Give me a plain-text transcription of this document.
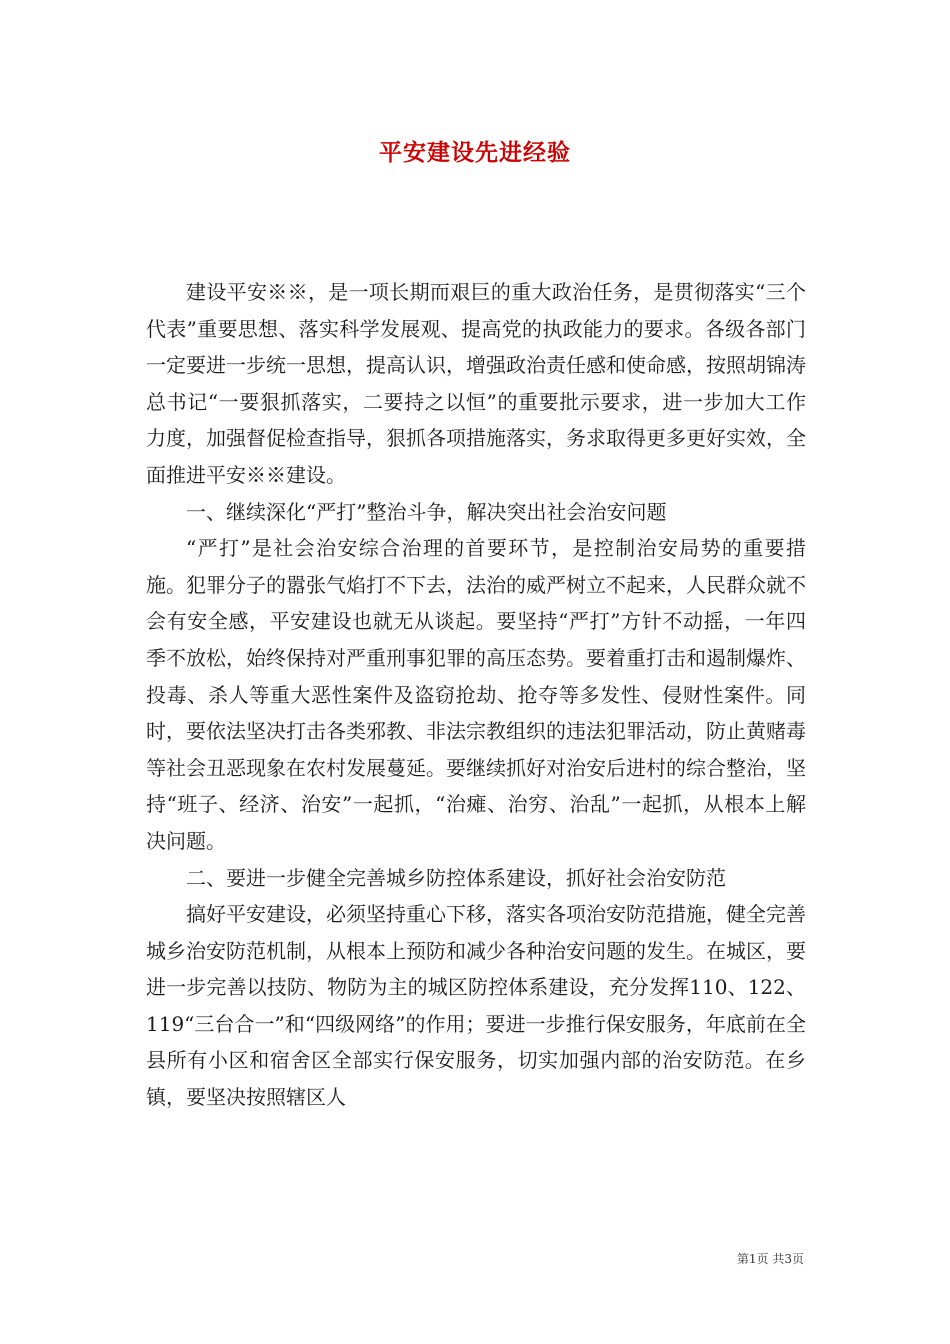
平安建设先进经验

建设平安※※，是一项长期而艰巨的重大政治任务，是贯彻落实“三个代表”重要思想、落实科学发展观、提高党的执政能力的要求。各级各部门一定要进一步统一思想，提高认识，增强政治责任感和使命感，按照胡锦涛总书记“一要狠抓落实，二要持之以恒”的重要批示要求，进一步加大工作力度，加强督促检查指导，狠抓各项措施落实，务求取得更多更好实效，全面推进平安※※建设。

一、继续深化“严打”整治斗争，解决突出社会治安问题

“严打”是社会治安综合治理的首要环节，是控制治安局势的重要措施。犯罪分子的嚣张气焰打不下去，法治的威严树立不起来，人民群众就不会有安全感，平安建设也就无从谈起。要坚持“严打”方针不动摇，一年四季不放松，始终保持对严重刑事犯罪的高压态势。要着重打击和遏制爆炸、投毒、杀人等重大恶性案件及盗窃抢劫、抢夺等多发性、侵财性案件。同时，要依法坚决打击各类邪教、非法宗教组织的违法犯罪活动，防止黄赌毒等社会丑恶现象在农村发展蔓延。要继续抓好对治安后进村的综合整治，坚持“班子、经济、治安”一起抓，“治瘫、治穷、治乱”一起抓，从根本上解决问题。

二、要进一步健全完善城乡防控体系建设，抓好社会治安防范

搞好平安建设，必须坚持重心下移，落实各项治安防范措施，健全完善城乡治安防范机制，从根本上预防和减少各种治安问题的发生。在城区，要进一步完善以技防、物防为主的城区防控体系建设，充分发挥110、122、119“三台合一”和“四级网络”的作用；要进一步推行保安服务，年底前在全县所有小区和宿舍区全部实行保安服务，切实加强内部的治安防范。在乡镇，要坚决按照辖区人

第1页 共3页
